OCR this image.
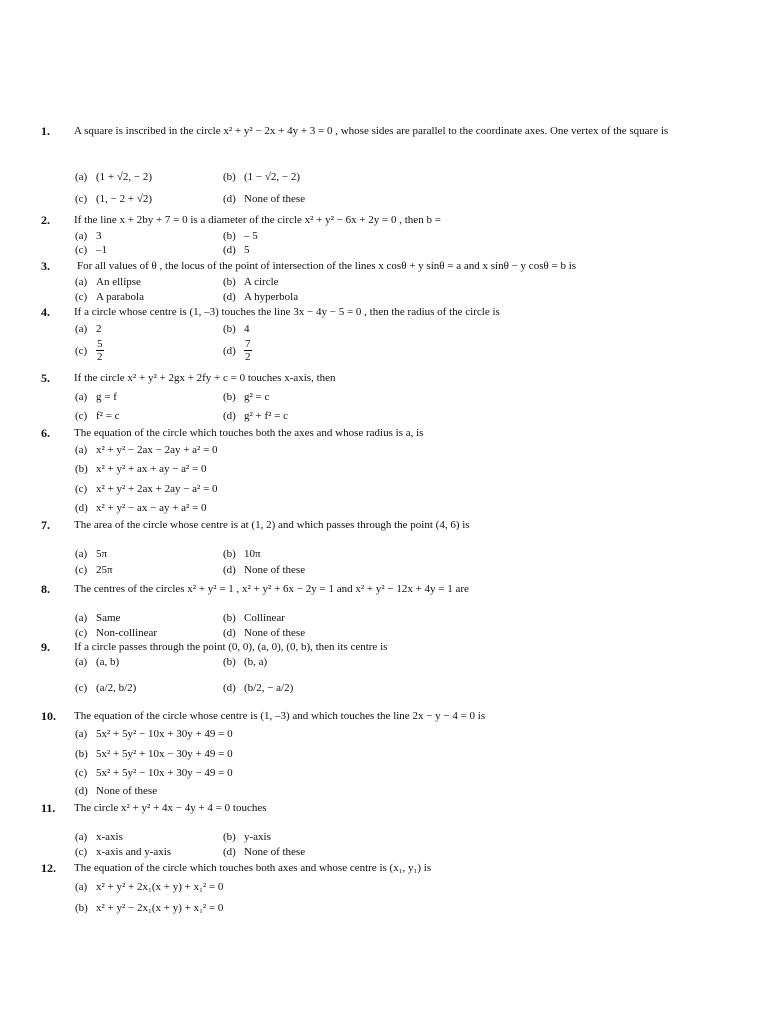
1. A square is inscribed in the circle x² + y² − 2x + 4y + 3 = 0 , whose sides are parallel to the coordinate axes. One vertex of the square is
(a) (1 + √2, − 2)	(b) (1 − √2, − 2)
(c) (1, − 2 + √2)	(d) None of these
2. If the line x + 2by + 7 = 0 is a diameter of the circle x² + y² − 6x + 2y = 0 , then b =
(a) 3	(b) – 5
(c) –1	(d) 5
3. For all values of θ , the locus of the point of intersection of the lines x cosθ + y sinθ = a and x sinθ − y cosθ = b is
(a) An ellipse	(b) A circle
(c) A parabola	(d) A hyperbola
4. If a circle whose centre is (1, –3) touches the line 3x − 4y − 5 = 0 , then the radius of the circle is
(a) 2	(b) 4
$(c) \frac{5}{2}$	$(d) \frac{7}{2}$
5. If the circle x² + y² + 2gx + 2fy + c = 0 touches x-axis, then
(a) g = f	(b) g² = c
(c) f² = c	(d) g² + f² = c
6. The equation of the circle which touches both the axes and whose radius is a, is
(a) x² + y² − 2ax − 2ay + a² = 0
(b) x² + y² + ax + ay − a² = 0
(c) x² + y² + 2ax + 2ay − a² = 0
(d) x² + y² − ax − ay + a² = 0
7. The area of the circle whose centre is at (1, 2) and which passes through the point (4, 6) is
(a) 5π	(b) 10π
(c) 25π	(d) None of these
8. The centres of the circles x² + y² = 1 , x² + y² + 6x − 2y = 1 and x² + y² − 12x + 4y = 1 are
(a) Same	(b) Collinear
(c) Non-collinear	(d) None of these
9. If a circle passes through the point (0, 0), (a, 0), (0, b), then its centre is
(a) (a, b)	(b) (b, a)
(c) (a/2, b/2)	(d) (b/2, − a/2)
10. The equation of the circle whose centre is (1, –3) and which touches the line 2x − y − 4 = 0 is
(a) 5x² + 5y² − 10x + 30y + 49 = 0
(b) 5x² + 5y² + 10x − 30y + 49 = 0
(c) 5x² + 5y² − 10x + 30y − 49 = 0
(d) None of these
11. The circle x² + y² + 4x − 4y + 4 = 0 touches
(a) x-axis	(b) y-axis
(c) x-axis and y-axis	(d) None of these
12. The equation of the circle which touches both axes and whose centre is (x₁, y₁) is
(a) x² + y² + 2x₁(x + y) + x₁² = 0
(b) x² + y² − 2x₁(x + y) + x₁² = 0
